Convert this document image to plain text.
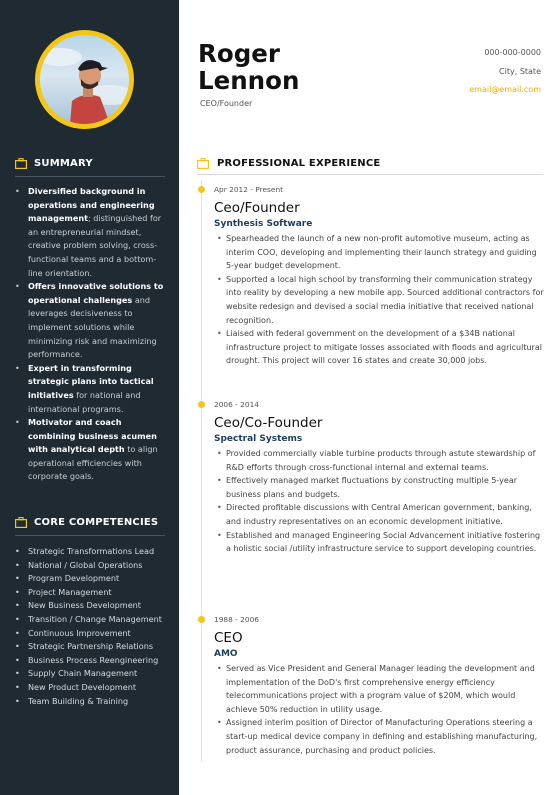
SUMMARY
• Diversified background in operations and engineering management; distinguished for an entrepreneurial mindset, creative problem solving, cross-functional teams and a bottom-line orientation.
• Offers innovative solutions to operational challenges and leverages decisiveness to implement solutions while minimizing risk and maximizing performance.
• Expert in transforming strategic plans into tactical initiatives for national and international programs.
• Motivator and coach combining business acumen with analytical depth to align operational efficiencies with corporate goals.
CORE COMPETENCIES
• Strategic Transformations Lead
• National / Global Operations
• Program Development
• Project Management
• New Business Development
• Transition / Change Management
• Continuous Improvement
• Strategic Partnership Relations
• Business Process Reengineering
• Supply Chain Management
• New Product Development
• Team Building & Training
Roger
Lennon
CEO/Founder
000-000-0000
City, State
email@email.com
PROFESSIONAL EXPERIENCE
Apr 2012 - Present
Ceo/Founder
Synthesis Software
• Spearheaded the launch of a new non-profit automotive museum, acting as interim COO, developing and implementing their launch strategy and guiding 5-year budget development.
• Supported a local high school by transforming their communication strategy into reality by developing a new mobile app. Sourced additional contractors for website redesign and devised a social media initiative that received national recognition.
• Liaised with federal government on the development of a $34B national infrastructure project to mitigate losses associated with floods and agricultural drought. This project will cover 16 states and create 30,000 jobs.
2006 - 2014
Ceo/Co-Founder
Spectral Systems
• Provided commercially viable turbine products through astute stewardship of R&D efforts through cross-functional internal and external teams.
• Effectively managed market fluctuations by constructing multiple 5-year business plans and budgets.
• Directed profitable discussions with Central American government, banking, and industry representatives on an economic development initiative.
• Established and managed Engineering Social Advancement initiative fostering a holistic social /utility infrastructure service to support developing countries.
1988 - 2006
CEO
AMO
• Served as Vice President and General Manager leading the development and implementation of the DoD's first comprehensive energy efficiency telecommunications project with a program value of $20M, which would achieve 50% reduction in utility usage.
• Assigned interim position of Director of Manufacturing Operations steering a start-up medical device company in defining and establishing manufacturing, product assurance, purchasing and product policies.
